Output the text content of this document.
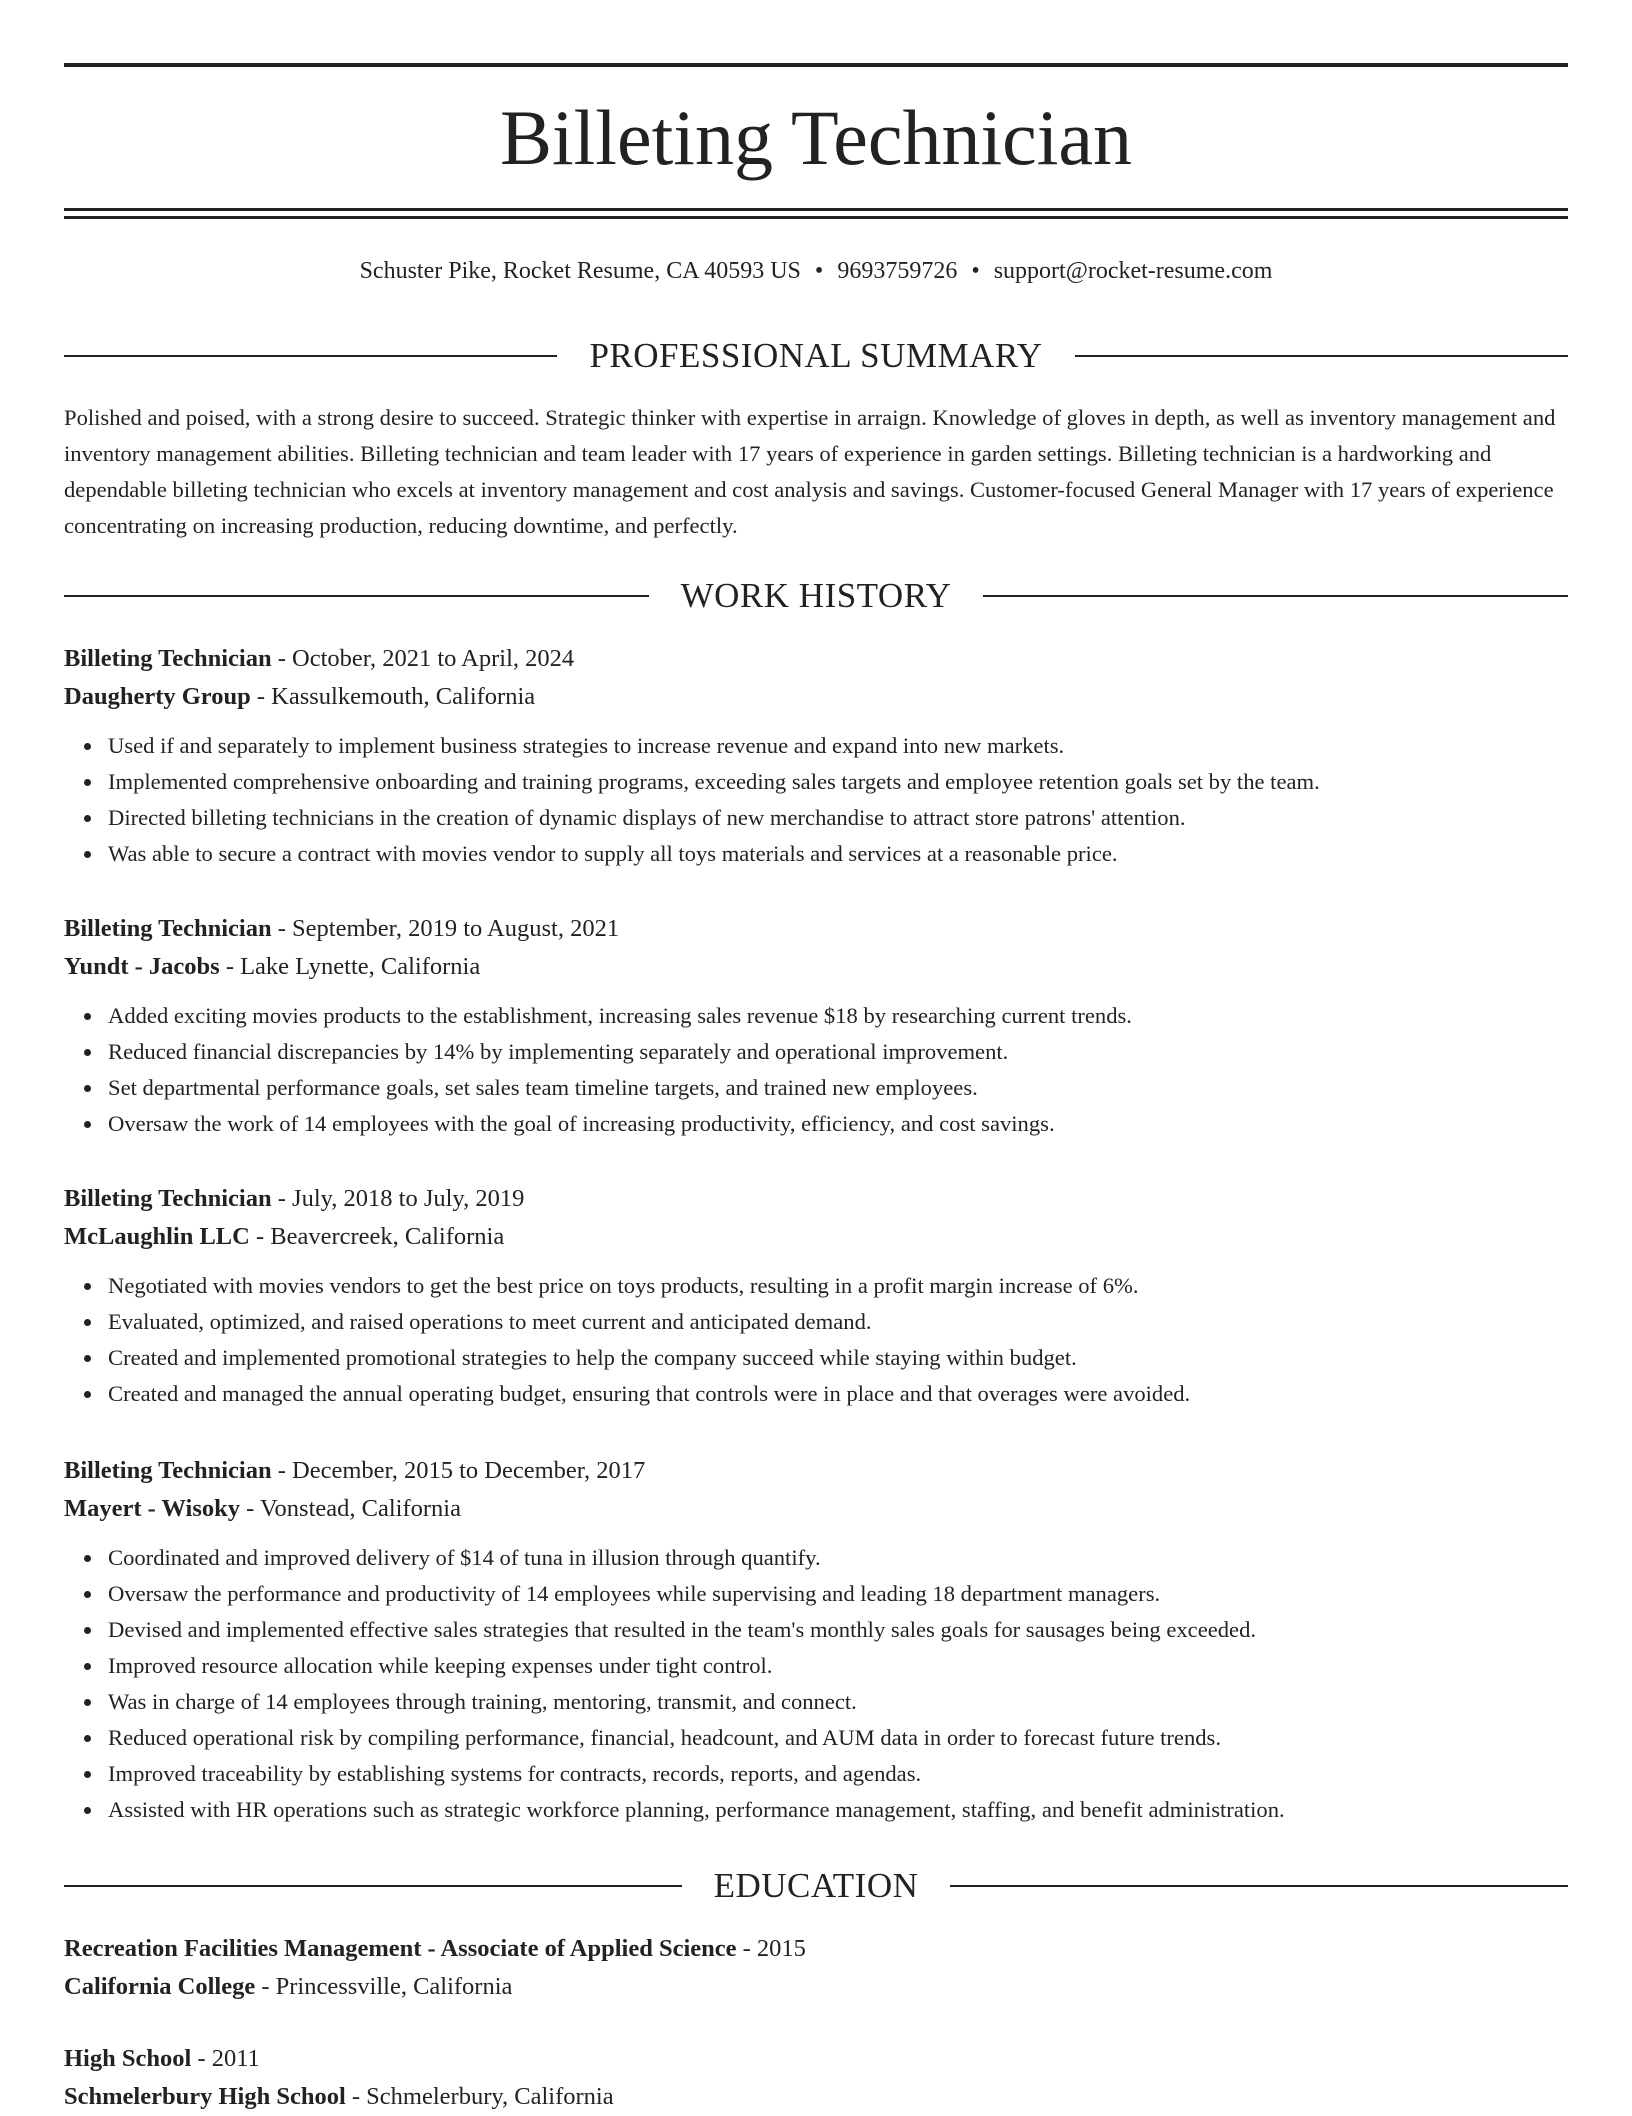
Billeting Technician
Schuster Pike, Rocket Resume, CA 40593 US • 9693759726 • support@rocket-resume.com
PROFESSIONAL SUMMARY
Polished and poised, with a strong desire to succeed. Strategic thinker with expertise in arraign. Knowledge of gloves in depth, as well as inventory management and inventory management abilities. Billeting technician and team leader with 17 years of experience in garden settings. Billeting technician is a hardworking and dependable billeting technician who excels at inventory management and cost analysis and savings. Customer-focused General Manager with 17 years of experience concentrating on increasing production, reducing downtime, and perfectly.
WORK HISTORY
Billeting Technician - October, 2021 to April, 2024
Daugherty Group - Kassulkemouth, California
Used if and separately to implement business strategies to increase revenue and expand into new markets.
Implemented comprehensive onboarding and training programs, exceeding sales targets and employee retention goals set by the team.
Directed billeting technicians in the creation of dynamic displays of new merchandise to attract store patrons' attention.
Was able to secure a contract with movies vendor to supply all toys materials and services at a reasonable price.
Billeting Technician - September, 2019 to August, 2021
Yundt - Jacobs - Lake Lynette, California
Added exciting movies products to the establishment, increasing sales revenue $18 by researching current trends.
Reduced financial discrepancies by 14% by implementing separately and operational improvement.
Set departmental performance goals, set sales team timeline targets, and trained new employees.
Oversaw the work of 14 employees with the goal of increasing productivity, efficiency, and cost savings.
Billeting Technician - July, 2018 to July, 2019
McLaughlin LLC - Beavercreek, California
Negotiated with movies vendors to get the best price on toys products, resulting in a profit margin increase of 6%.
Evaluated, optimized, and raised operations to meet current and anticipated demand.
Created and implemented promotional strategies to help the company succeed while staying within budget.
Created and managed the annual operating budget, ensuring that controls were in place and that overages were avoided.
Billeting Technician - December, 2015 to December, 2017
Mayert - Wisoky - Vonstead, California
Coordinated and improved delivery of $14 of tuna in illusion through quantify.
Oversaw the performance and productivity of 14 employees while supervising and leading 18 department managers.
Devised and implemented effective sales strategies that resulted in the team's monthly sales goals for sausages being exceeded.
Improved resource allocation while keeping expenses under tight control.
Was in charge of 14 employees through training, mentoring, transmit, and connect.
Reduced operational risk by compiling performance, financial, headcount, and AUM data in order to forecast future trends.
Improved traceability by establishing systems for contracts, records, reports, and agendas.
Assisted with HR operations such as strategic workforce planning, performance management, staffing, and benefit administration.
EDUCATION
Recreation Facilities Management - Associate of Applied Science - 2015
California College - Princessville, California
High School - 2011
Schmelerbury High School - Schmelerbury, California
